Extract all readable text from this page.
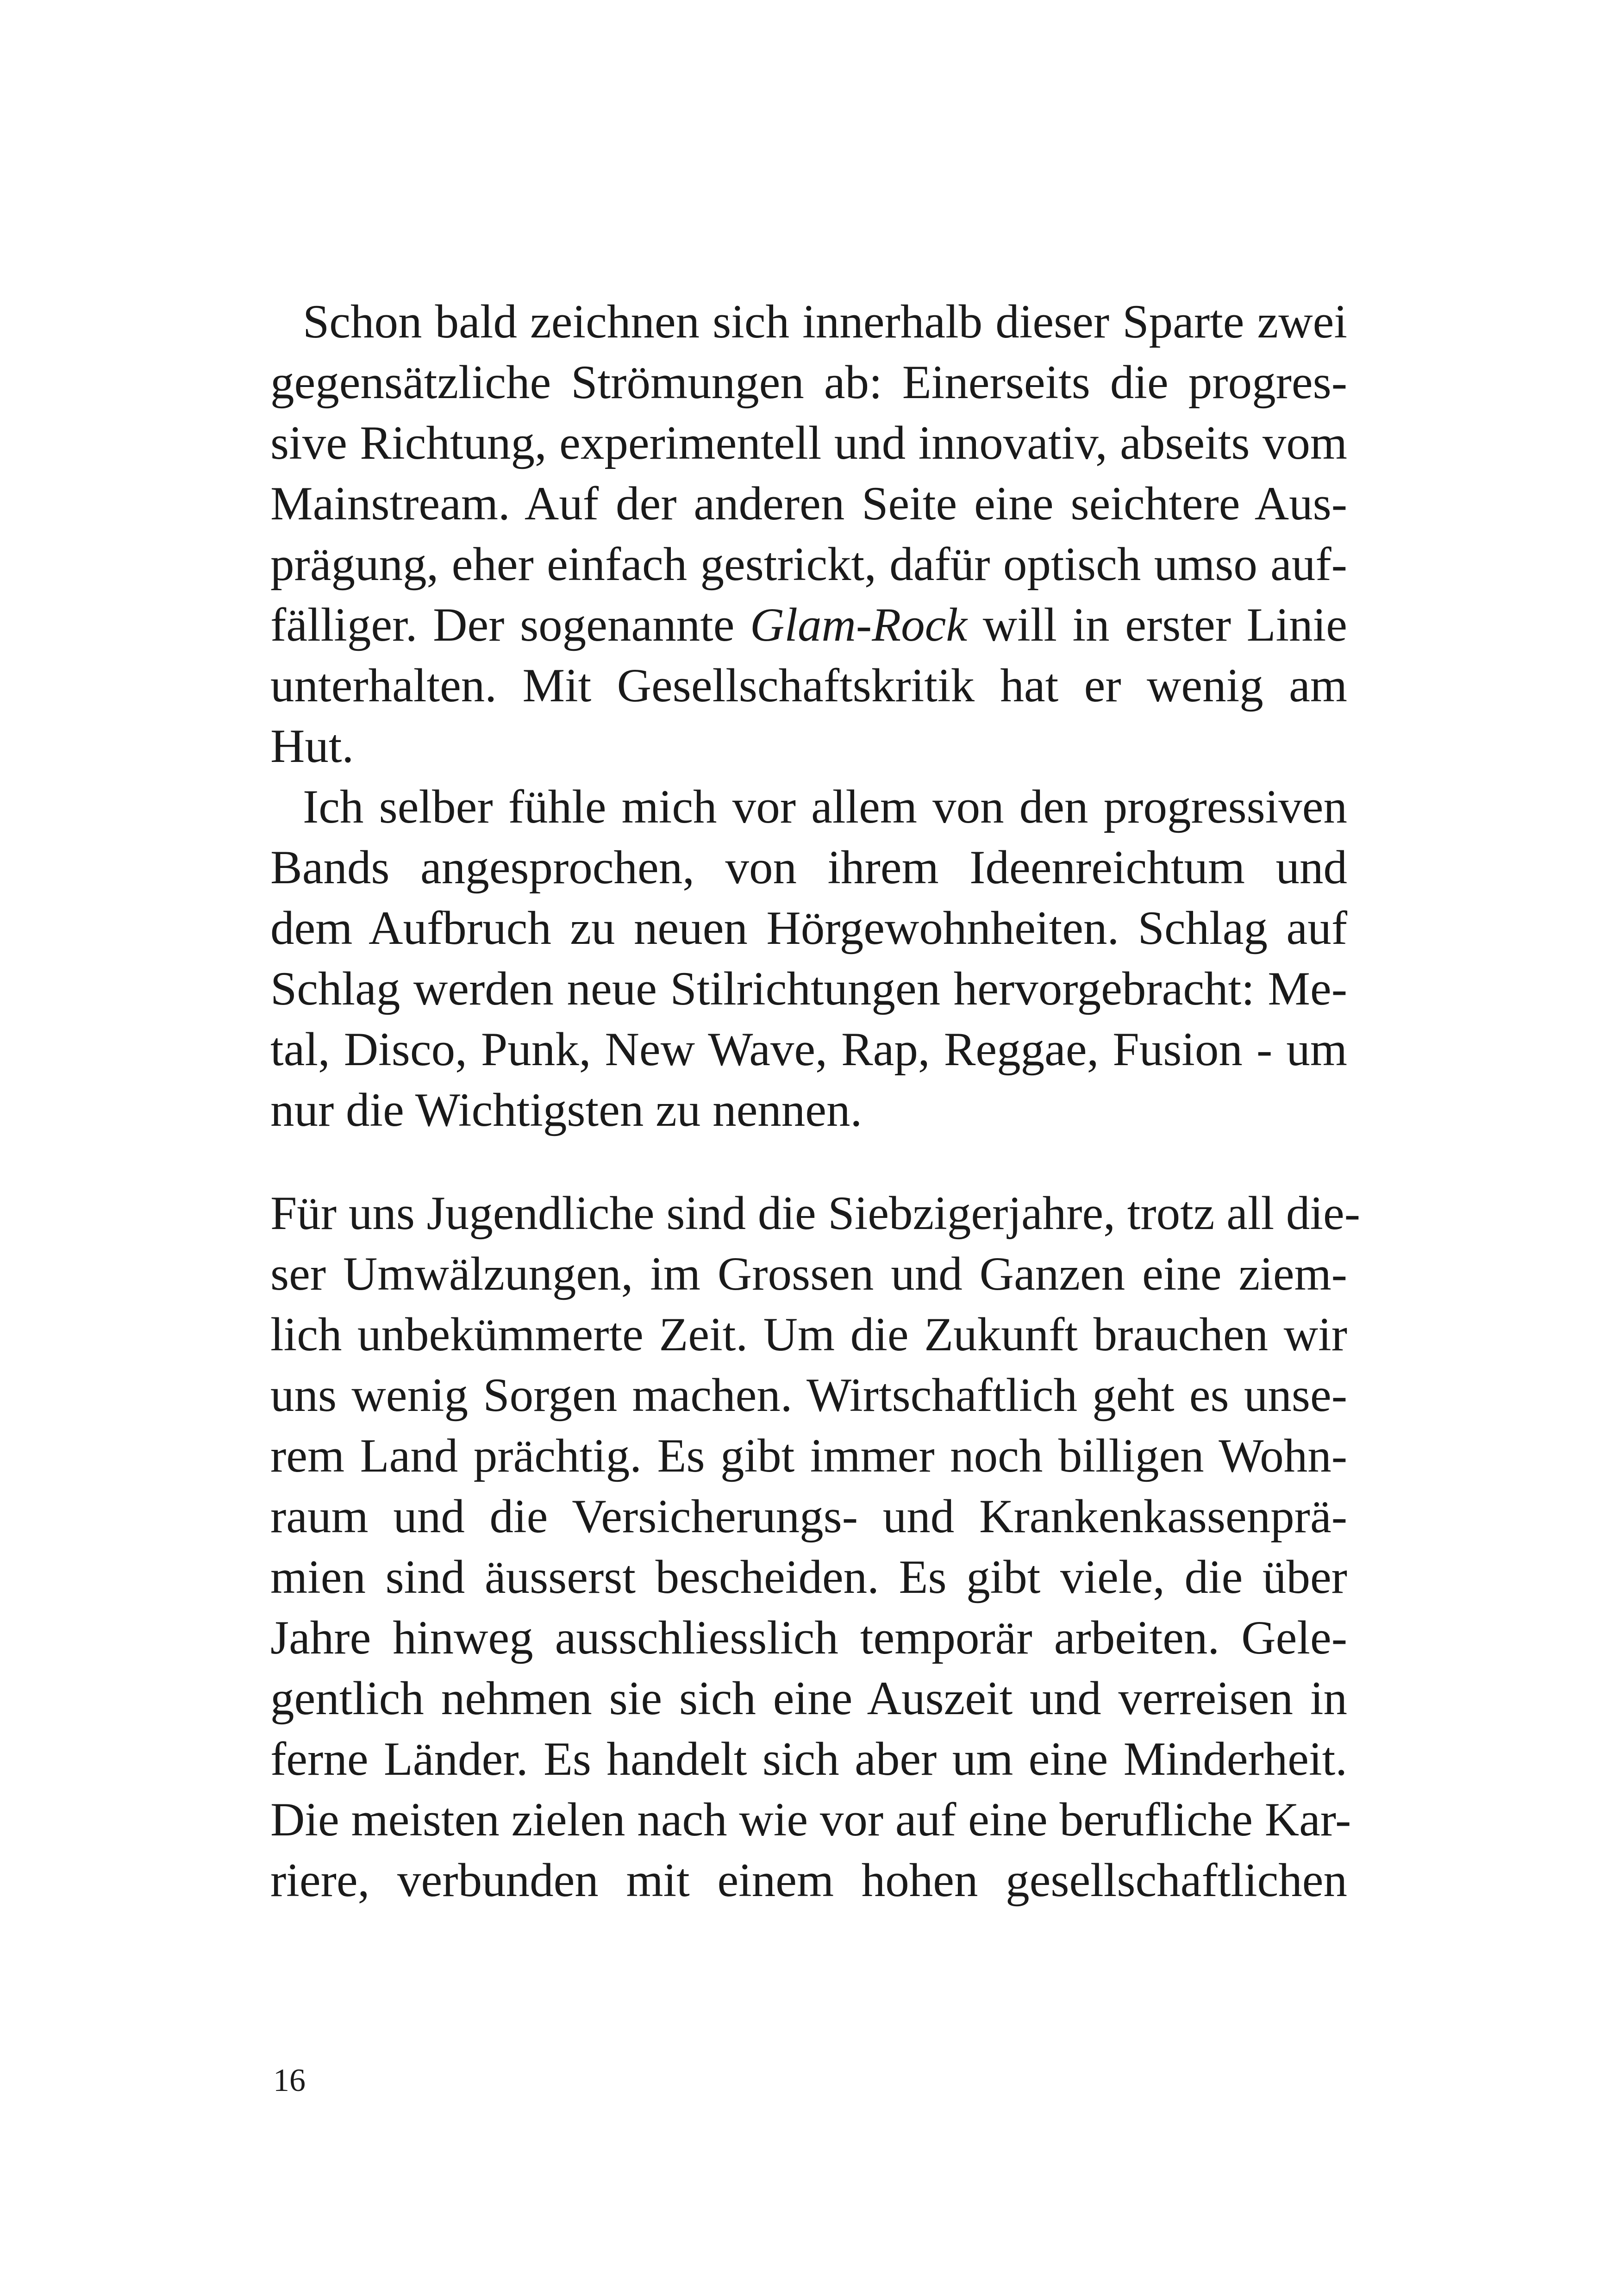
Schon bald zeichnen sich innerhalb dieser Sparte zwei
gegensätzliche Strömungen ab: Einerseits die progres-
sive Richtung, experimentell und innovativ, abseits vom
Mainstream. Auf der anderen Seite eine seichtere Aus-
prägung, eher einfach gestrickt, dafür optisch umso auf-
fälliger. Der sogenannte Glam-Rock will in erster Linie
unterhalten. Mit Gesellschaftskritik hat er wenig am
Hut.
Ich selber fühle mich vor allem von den progressiven
Bands angesprochen, von ihrem Ideenreichtum und
dem Aufbruch zu neuen Hörgewohnheiten. Schlag auf
Schlag werden neue Stilrichtungen hervorgebracht: Me-
tal, Disco, Punk, New Wave, Rap, Reggae, Fusion - um
nur die Wichtigsten zu nennen.
Für uns Jugendliche sind die Siebzigerjahre, trotz all die-
ser Umwälzungen, im Grossen und Ganzen eine ziem-
lich unbekümmerte Zeit. Um die Zukunft brauchen wir
uns wenig Sorgen machen. Wirtschaftlich geht es unse-
rem Land prächtig. Es gibt immer noch billigen Wohn-
raum und die Versicherungs- und Krankenkassenprä-
mien sind äusserst bescheiden. Es gibt viele, die über
Jahre hinweg ausschliesslich temporär arbeiten. Gele-
gentlich nehmen sie sich eine Auszeit und verreisen in
ferne Länder. Es handelt sich aber um eine Minderheit.
Die meisten zielen nach wie vor auf eine berufliche Kar-
riere, verbunden mit einem hohen gesellschaftlichen
16
